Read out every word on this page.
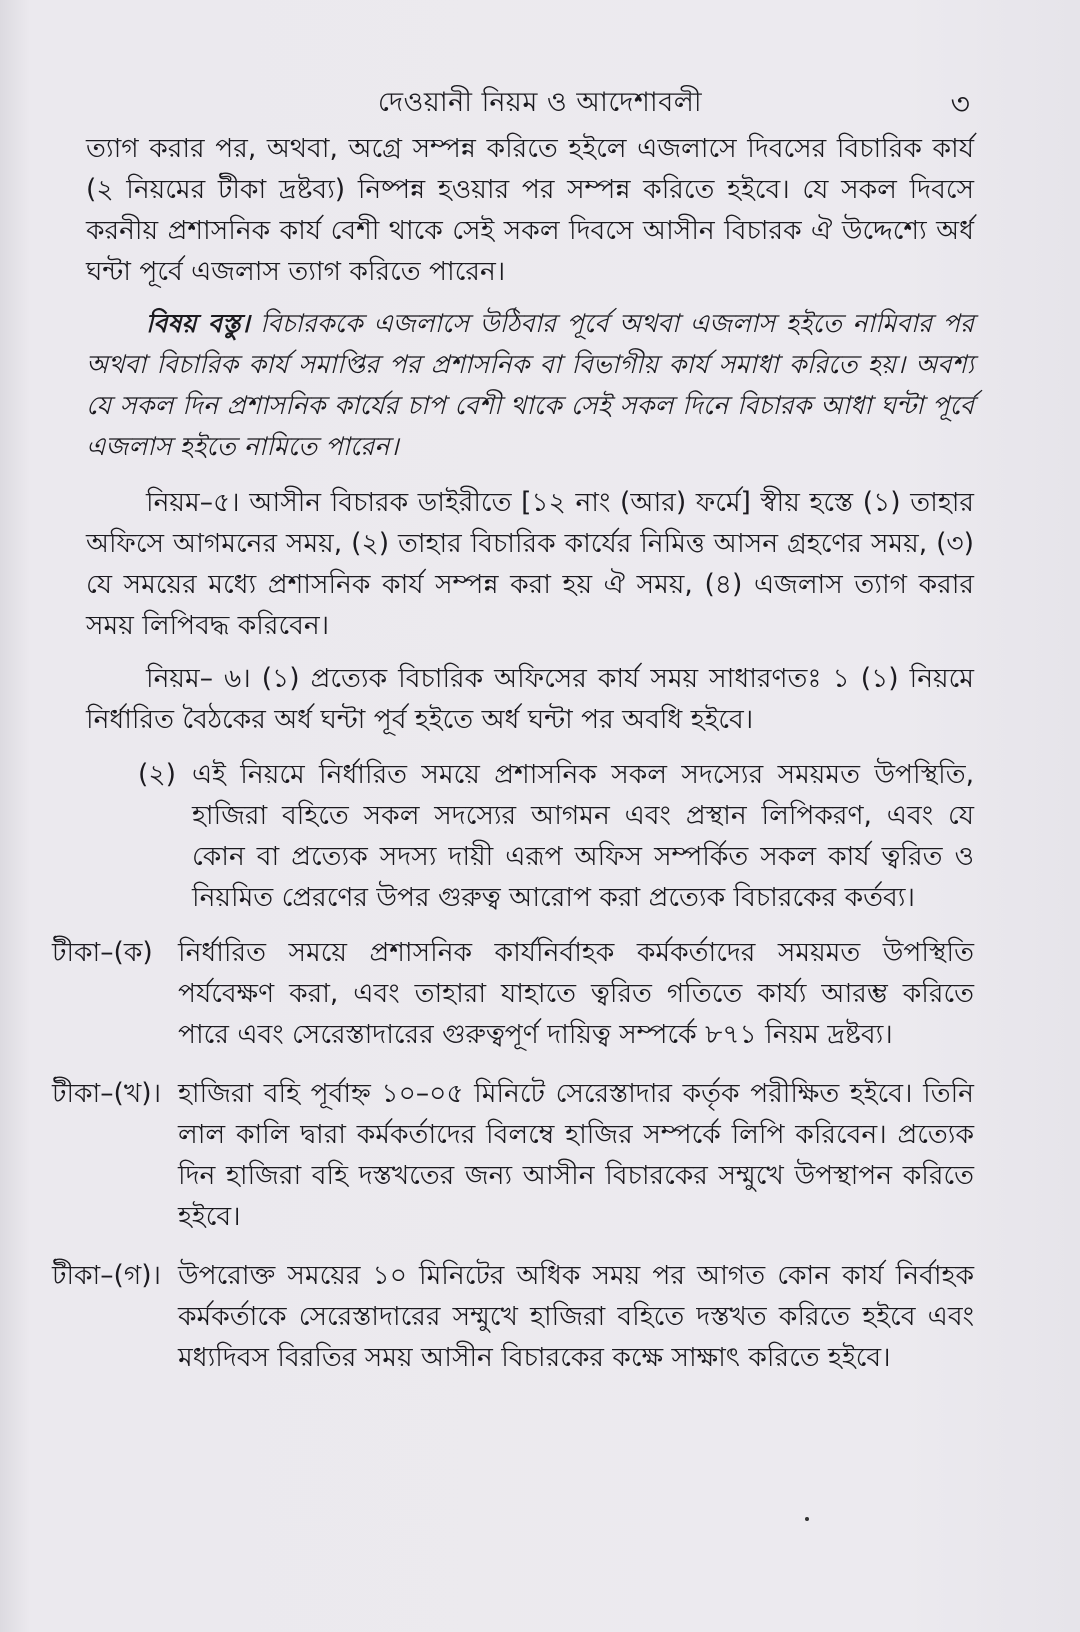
দেওয়ানী নিয়ম ও আদেশাবলী	৩

ত্যাগ করার পর, অথবা, অগ্রে সম্পন্ন করিতে হইলে এজলাসে দিবসের বিচারিক কার্য (২ নিয়মের টীকা দ্রষ্টব্য) নিষ্পন্ন হওয়ার পর সম্পন্ন করিতে হইবে। যে সকল দিবসে করনীয় প্রশাসনিক কার্য বেশী থাকে সেই সকল দিবসে আসীন বিচারক ঐ উদ্দেশ্যে অর্ধ ঘন্টা পূর্বে এজলাস ত্যাগ করিতে পারেন।

বিষয় বস্তু। বিচারককে এজলাসে উঠিবার পূর্বে অথবা এজলাস হইতে নামিবার পর অথবা বিচারিক কার্য সমাপ্তির পর প্রশাসনিক বা বিভাগীয় কার্য সমাধা করিতে হয়। অবশ্য যে সকল দিন প্রশাসনিক কার্যের চাপ বেশী থাকে সেই সকল দিনে বিচারক আধা ঘন্টা পূর্বে এজলাস হইতে নামিতে পারেন।

নিয়ম–৫। আসীন বিচারক ডাইরীতে [১২ নাং (আর) ফর্মে] স্বীয় হস্তে (১) তাহার অফিসে আগমনের সময়, (২) তাহার বিচারিক কার্যের নিমিত্ত আসন গ্রহণের সময়, (৩) যে সময়ের মধ্যে প্রশাসনিক কার্য সম্পন্ন করা হয় ঐ সময়, (৪) এজলাস ত্যাগ করার সময় লিপিবদ্ধ করিবেন।

নিয়ম– ৬। (১) প্রত্যেক বিচারিক অফিসের কার্য সময় সাধারণতঃ ১ (১) নিয়মে নির্ধারিত বৈঠকের অর্ধ ঘন্টা পূর্ব হইতে অর্ধ ঘন্টা পর অবধি হইবে।

(২) এই নিয়মে নির্ধারিত সময়ে প্রশাসনিক সকল সদস্যের সময়মত উপস্থিতি, হাজিরা বহিতে সকল সদস্যের আগমন এবং প্রস্থান লিপিকরণ, এবং যে কোন বা প্রত্যেক সদস্য দায়ী এরূপ অফিস সম্পর্কিত সকল কার্য ত্বরিত ও নিয়মিত প্রেরণের উপর গুরুত্ব আরোপ করা প্রত্যেক বিচারকের কর্তব্য।

টীকা–(ক) নির্ধারিত সময়ে প্রশাসনিক কার্যনির্বাহক কর্মকর্তাদের সময়মত উপস্থিতি পর্যবেক্ষণ করা, এবং তাহারা যাহাতে ত্বরিত গতিতে কার্য্য আরম্ভ করিতে পারে এবং সেরেস্তাদারের গুরুত্বপূর্ণ দায়িত্ব সম্পর্কে ৮৭১ নিয়ম দ্রষ্টব্য।

টীকা–(খ)। হাজিরা বহি পূর্বাহ্ন ১০–০৫ মিনিটে সেরেস্তাদার কর্তৃক পরীক্ষিত হইবে। তিনি লাল কালি দ্বারা কর্মকর্তাদের বিলম্বে হাজির সম্পর্কে লিপি করিবেন। প্রত্যেক দিন হাজিরা বহি দস্তখতের জন্য আসীন বিচারকের সম্মুখে উপস্থাপন করিতে হইবে।

টীকা–(গ)। উপরোক্ত সময়ের ১০ মিনিটের অধিক সময় পর আগত কোন কার্য নির্বাহক কর্মকর্তাকে সেরেস্তাদারের সম্মুখে হাজিরা বহিতে দস্তখত করিতে হইবে এবং মধ্যদিবস বিরতির সময় আসীন বিচারকের কক্ষে সাক্ষাৎ করিতে হইবে।
